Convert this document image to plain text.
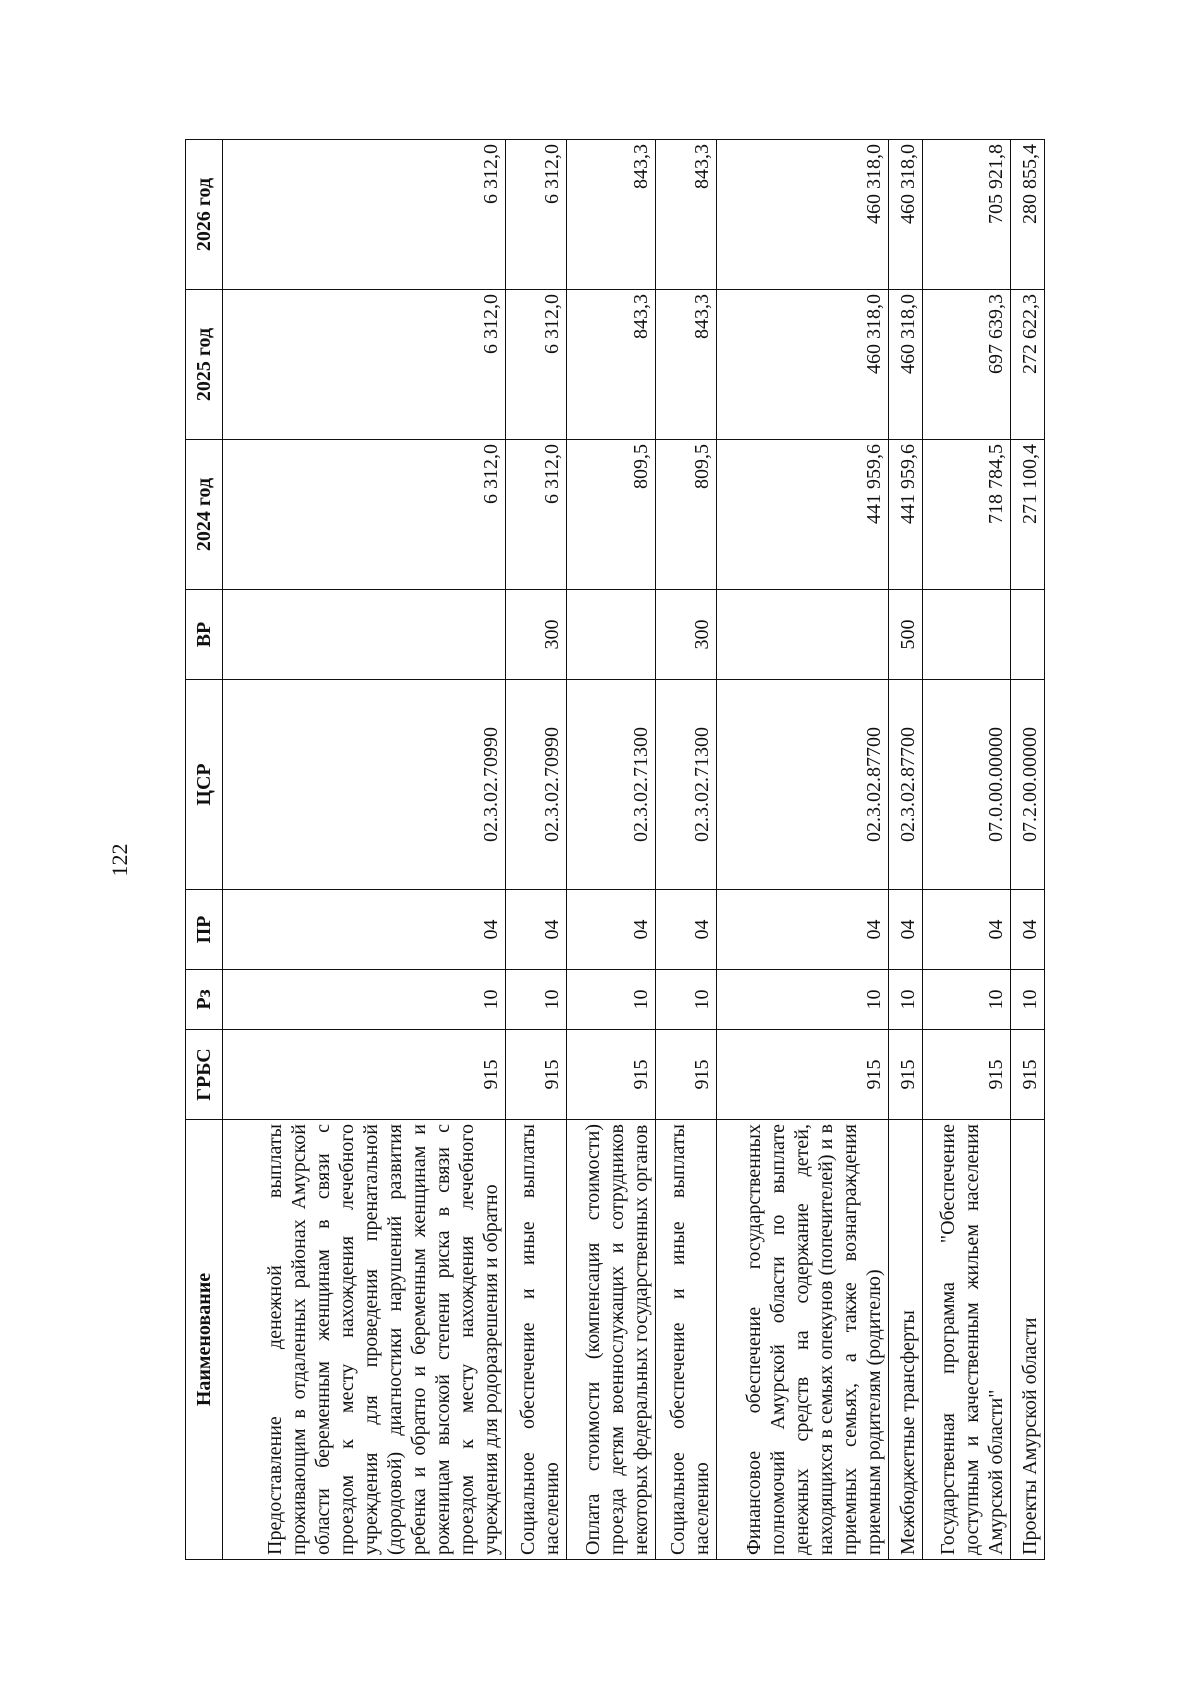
122
Наименование	ГРБС	Рз	ПР	ЦСР	ВР	2024 год	2025 год	2026 год
Предоставление денежной выплаты проживающим в отдаленных районах Амурской области беременным женщинам в связи с проездом к месту нахождения лечебного учреждения для проведения пренатальной (дородовой) диагностики нарушений развития ребенка и обратно и беременным женщинам и роженицам высокой степени риска в связи с проездом к месту нахождения лечебного учреждения для родоразрешения и обратно	915	10	04	02.3.02.70990		6 312,0	6 312,0	6 312,0
Социальное обеспечение и иные выплаты населению	915	10	04	02.3.02.70990	300	6 312,0	6 312,0	6 312,0
Оплата стоимости (компенсация стоимости) проезда детям военнослужащих и сотрудников некоторых федеральных государственных органов	915	10	04	02.3.02.71300		809,5	843,3	843,3
Социальное обеспечение и иные выплаты населению	915	10	04	02.3.02.71300	300	809,5	843,3	843,3
Финансовое обеспечение государственных полномочий Амурской области по выплате денежных средств на содержание детей, находящихся в семьях опекунов (попечителей) и в приемных семьях, а также вознаграждения приемным родителям (родителю)	915	10	04	02.3.02.87700		441 959,6	460 318,0	460 318,0
Межбюджетные трансферты	915	10	04	02.3.02.87700	500	441 959,6	460 318,0	460 318,0
Государственная программа "Обеспечение доступным и качественным жильем населения Амурской области"	915	10	04	07.0.00.00000		718 784,5	697 639,3	705 921,8
Проекты Амурской области	915	10	04	07.2.00.00000		271 100,4	272 622,3	280 855,4
